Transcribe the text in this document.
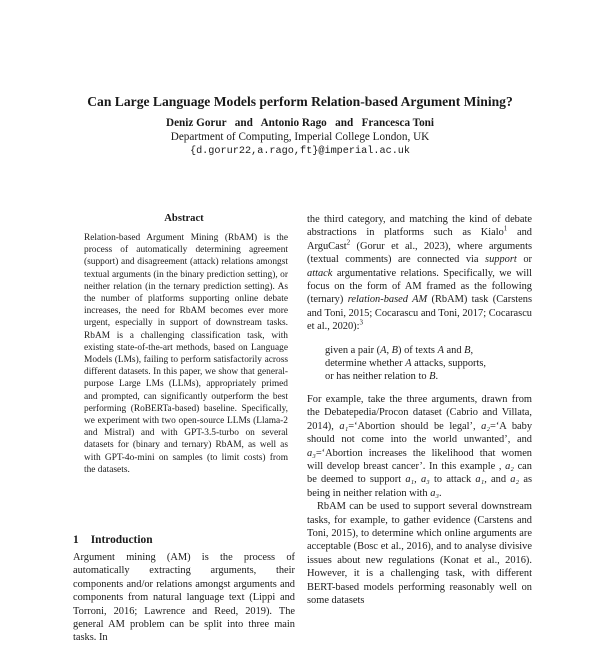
Can Large Language Models perform Relation-based Argument Mining?
Deniz Gorur   and   Antonio Rago   and   Francesca Toni
Department of Computing, Imperial College London, UK
{d.gorur22,a.rago,ft}@imperial.ac.uk
Abstract
Relation-based Argument Mining (RbAM) is the process of automatically determining agreement (support) and disagreement (attack) relations amongst textual arguments (in the binary prediction setting), or neither relation (in the ternary prediction setting). As the number of platforms supporting online debate increases, the need for RbAM becomes ever more urgent, especially in support of downstream tasks. RbAM is a challenging classification task, with existing state-of-the-art methods, based on Language Models (LMs), failing to perform satisfactorily across different datasets. In this paper, we show that general-purpose Large LMs (LLMs), appropriately primed and prompted, can significantly outperform the best performing (RoBERTa-based) baseline. Specifically, we experiment with two open-source LLMs (Llama-2 and Mistral) and with GPT-3.5-turbo on several datasets for (binary and ternary) RbAM, as well as with GPT-4o-mini on samples (to limit costs) from the datasets.
1 Introduction
Argument mining (AM) is the process of automatically extracting arguments, their components and/or relations amongst arguments and components from natural language text (Lippi and Torroni, 2016; Lawrence and Reed, 2019). The general AM problem can be split into three main tasks. In

the third category, and matching the kind of debate abstractions in platforms such as Kialo$^1$ and ArguCast$^2$ (Gorur et al., 2023), where arguments (textual comments) are connected via support or attack argumentative relations. Specifically, we will focus on the form of AM framed as the following (ternary) relation-based AM (RbAM) task (Carstens and Toni, 2015; Cocarascu and Toni, 2017; Cocarascu et al., 2020):$^3$

given a pair (A, B) of texts A and B,
determine whether A attacks, supports,
or has neither relation to B.

For example, take the three arguments, drawn from the Debatepedia/Procon dataset (Cabrio and Villata, 2014), a₁=‘Abortion should be legal’, a₂=‘A baby should not come into the world unwanted’, and a₃=‘Abortion increases the likelihood that women will develop breast cancer’. In this example , a₂ can be deemed to support a₁, a₃ to attack a₁, and a₂ as being in neither relation with a₃.

RbAM can be used to support several downstream tasks, for example, to gather evidence (Carstens and Toni, 2015), to determine which online arguments are acceptable (Bosc et al., 2016), and to analyse divisive issues about new regulations (Konat et al., 2016). However, it is a challenging task, with different BERT-based models performing reasonably well on some datasets
